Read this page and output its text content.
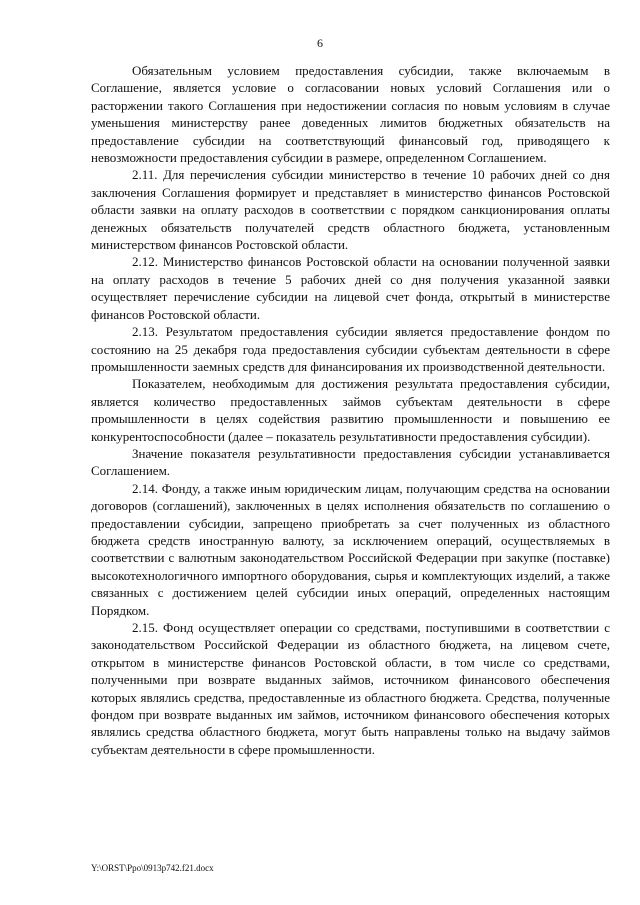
6

Обязательным условием предоставления субсидии, также включаемым в Соглашение, является условие о согласовании новых условий Соглашения или о расторжении такого Соглашения при недостижении согласия по новым условиям в случае уменьшения министерству ранее доведенных лимитов бюджетных обязательств на предоставление субсидии на соответствующий финансовый год, приводящего к невозможности предоставления субсидии в размере, определенном Соглашением.

2.11. Для перечисления субсидии министерство в течение 10 рабочих дней со дня заключения Соглашения формирует и представляет в министерство финансов Ростовской области заявки на оплату расходов в соответствии с порядком санкционирования оплаты денежных обязательств получателей средств областного бюджета, установленным министерством финансов Ростовской области.

2.12. Министерство финансов Ростовской области на основании полученной заявки на оплату расходов в течение 5 рабочих дней со дня получения указанной заявки осуществляет перечисление субсидии на лицевой счет фонда, открытый в министерстве финансов Ростовской области.

2.13. Результатом предоставления субсидии является предоставление фондом по состоянию на 25 декабря года предоставления субсидии субъектам деятельности в сфере промышленности заемных средств для финансирования их производственной деятельности.

Показателем, необходимым для достижения результата предоставления субсидии, является количество предоставленных займов субъектам деятельности в сфере промышленности в целях содействия развитию промышленности и повышению ее конкурентоспособности (далее – показатель результативности предоставления субсидии).

Значение показателя результативности предоставления субсидии устанавливается Соглашением.

2.14. Фонду, а также иным юридическим лицам, получающим средства на основании договоров (соглашений), заключенных в целях исполнения обязательств по соглашению о предоставлении субсидии, запрещено приобретать за счет полученных из областного бюджета средств иностранную валюту, за исключением операций, осуществляемых в соответствии с валютным законодательством Российской Федерации при закупке (поставке) высокотехнологичного импортного оборудования, сырья и комплектующих изделий, а также связанных с достижением целей субсидии иных операций, определенных настоящим Порядком.

2.15. Фонд осуществляет операции со средствами, поступившими в соответствии с законодательством Российской Федерации из областного бюджета, на лицевом счете, открытом в министерстве финансов Ростовской области, в том числе со средствами, полученными при возврате выданных займов, источником финансового обеспечения которых являлись средства, предоставленные из областного бюджета. Средства, полученные фондом при возврате выданных им займов, источником финансового обеспечения которых являлись средства областного бюджета, могут быть направлены только на выдачу займов субъектам деятельности в сфере промышленности.

Y:\ORST\Ppo\0913p742.f21.docx
